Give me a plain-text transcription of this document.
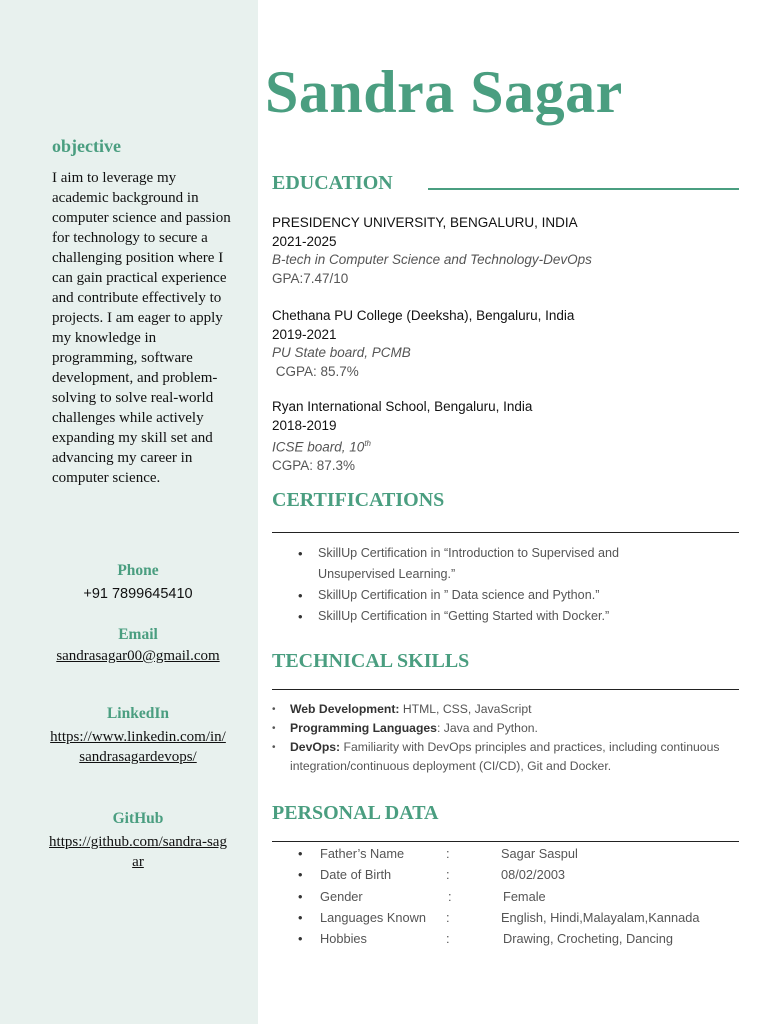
Sandra Sagar
objective
I aim to leverage my academic background in computer science and passion for technology to secure a challenging position where I can gain practical experience and contribute effectively to projects. I am eager to apply my knowledge in programming, software development, and problem-solving to solve real-world challenges while actively expanding my skill set and advancing my career in computer science.
Phone
+91 7899645410
Email
sandrasagar00@gmail.com
LinkedIn
https://www.linkedin.com/in/sandrasagardevops/
GitHub
https://github.com/sandra-sagar
EDUCATION
PRESIDENCY UNIVERSITY, BENGALURU, INDIA
2021-2025
B-tech in Computer Science and Technology-DevOps
GPA:7.47/10
Chethana PU College (Deeksha), Bengaluru, India
2019-2021
PU State board, PCMB
CGPA: 85.7%
Ryan International School, Bengaluru, India
2018-2019
ICSE board, 10th
CGPA: 87.3%
CERTIFICATIONS
• SkillUp Certification in “Introduction to Supervised and Unsupervised Learning.”
• SkillUp Certification in ” Data science and Python.”
• SkillUp Certification in “Getting Started with Docker.”
TECHNICAL SKILLS
• Web Development: HTML, CSS, JavaScript
• Programming Languages: Java and Python.
• DevOps: Familiarity with DevOps principles and practices, including continuous integration/continuous deployment (CI/CD), Git and Docker.
PERSONAL DATA
• Father’s Name	:	Sagar Saspul
• Date of Birth	:	08/02/2003
• Gender	:	Female
• Languages Known :	English, Hindi,Malayalam,Kannada
• Hobbies	:	Drawing, Crocheting, Dancing
